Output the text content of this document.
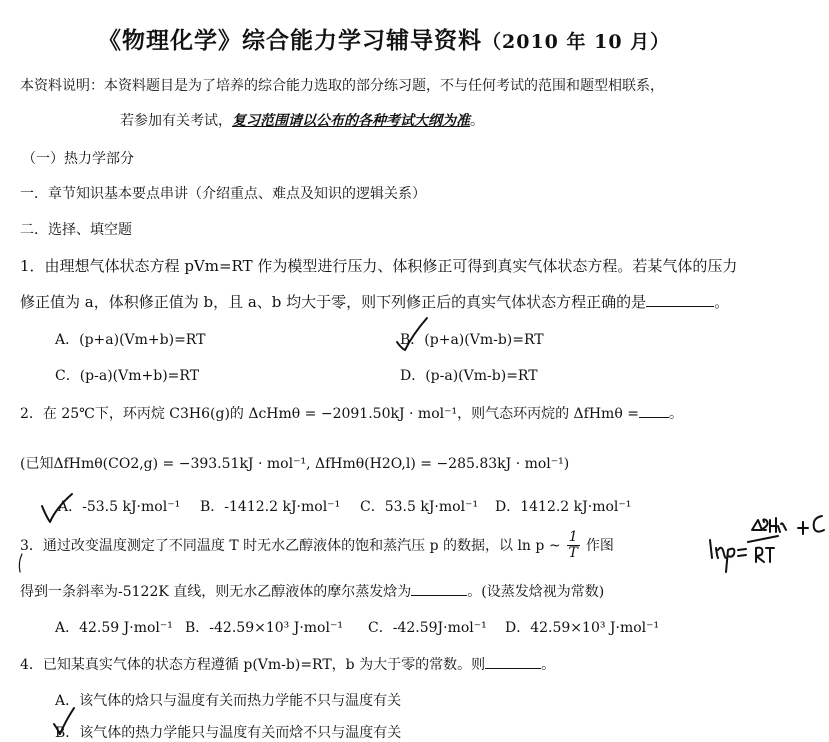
《物理化学》综合能力学习辅导资料（2010 年 10 月）
本资料说明：本资料题目是为了培养的综合能力选取的部分练习题，不与任何考试的范围和题型相联系，
若参加有关考试，复习范围请以公布的各种考试大纲为准。
（一）热力学部分
一．章节知识基本要点串讲（介绍重点、难点及知识的逻辑关系）
二．选择、填空题
1．由理想气体状态方程 pVm=RT 作为模型进行压力、体积修正可得到真实气体状态方程。若某气体的压力
修正值为 a，体积修正值为 b，且 a、b 均大于零，则下列修正后的真实气体状态方程正确的是	。
A．(p+a)(Vm+b)=RT	B．(p+a)(Vm-b)=RT
C．(p-a)(Vm+b)=RT	D．(p-a)(Vm-b)=RT
2．在 25℃下，环丙烷 C3H6(g)的 ΔcHmθ = −2091.50kJ · mol⁻¹，则气态环丙烷的 ΔfHmθ = 。
(已知ΔfHmθ(CO2,g) = −393.51kJ · mol⁻¹, ΔfHmθ(H2O,l) = −285.83kJ · mol⁻¹)
A．-53.5 kJ·mol⁻¹ B．-1412.2 kJ·mol⁻¹ C．53.5 kJ·mol⁻¹ D．1412.2 kJ·mol⁻¹
3．通过改变温度测定了不同温度 T 时无水乙醇液体的饱和蒸汽压 p 的数据，以 ln p ~ $\frac{1}{T}$ 作图
得到一条斜率为-5122K 直线，则无水乙醇液体的摩尔蒸发焓为	。(设蒸发焓视为常数)
A．42.59 J·mol⁻¹ B．-42.59×10³ J·mol⁻¹ C．-42.59J·mol⁻¹ D．42.59×10³ J·mol⁻¹
4．已知某真实气体的状态方程遵循 p(Vm-b)=RT，b 为大于零的常数。则	。
A．该气体的焓只与温度有关而热力学能不只与温度有关
B．该气体的热力学能只与温度有关而焓不只与温度有关
